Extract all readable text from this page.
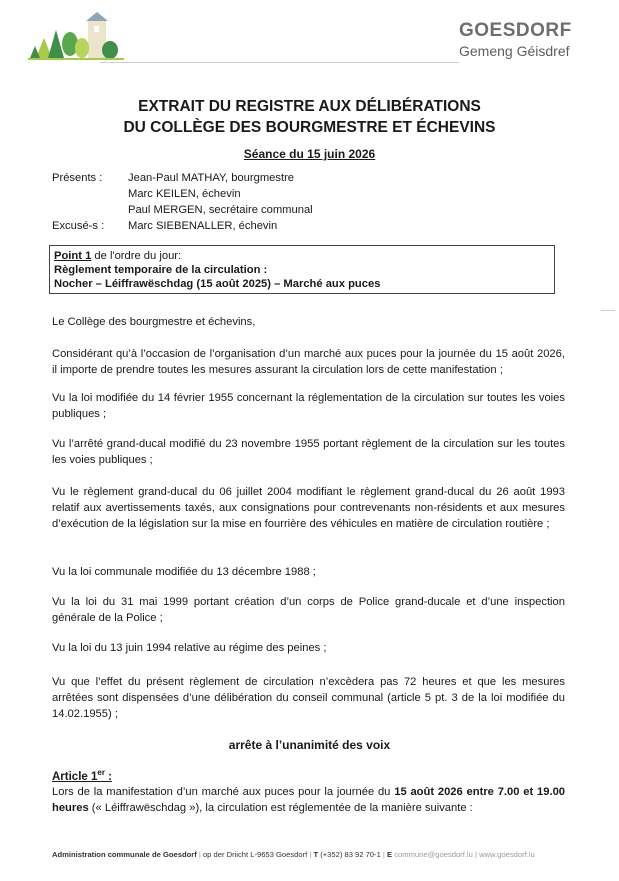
GOESDORF
Gemeng Géisdref
EXTRAIT DU REGISTRE AUX DÉLIBÉRATIONS
DU COLLÈGE DES BOURGMESTRE ET ÉCHEVINS
Séance du 15 juin 2026
Présents :	Jean-Paul MATHAY, bourgmestre
Marc KEILEN, échevin
Paul MERGEN, secrétaire communal
Excusé-s :	Marc SIEBENALLER, échevin
Point 1 de l'ordre du jour:
Règlement temporaire de la circulation :
Nocher – Léiffrawëschdag (15 août 2025) – Marché aux puces
Le Collège des bourgmestre et échevins,
Considérant qu’à l’occasion de l’organisation d’un marché aux puces pour la journée du 15 août 2026, il importe de prendre toutes les mesures assurant la circulation lors de cette manifestation ;
Vu la loi modifiée du 14 février 1955 concernant la réglementation de la circulation sur toutes les voies publiques ;
Vu l’arrêté grand-ducal modifié du 23 novembre 1955 portant règlement de la circulation sur les toutes les voies publiques ;
Vu le règlement grand-ducal du 06 juillet 2004 modifiant le règlement grand-ducal du 26 août 1993 relatif aux avertissements taxés, aux consignations pour contrevenants non-résidents et aux mesures d’exécution de la législation sur la mise en fourrière des véhicules en matière de circulation routière ;
Vu la loi communale modifiée du 13 décembre 1988 ;
Vu la loi du 31 mai 1999 portant création d’un corps de Police grand-ducale et d’une inspection générale de la Police ;
Vu la loi du 13 juin 1994 relative au régime des peines ;
Vu que l’effet du présent règlement de circulation n’excèdera pas 72 heures et que les mesures arrêtées sont dispensées d’une délibération du conseil communal (article 5 pt. 3 de la loi modifiée du 14.02.1955) ;
arrête à l’unanimité des voix
Article 1er :
Lors de la manifestation d’un marché aux puces pour la journée du 15 août 2026 entre 7.00 et 19.00 heures (« Léiffrawëschdag »), la circulation est réglementée de la manière suivante :
Administration communale de Goesdorf | op der Driicht L-9653 Goesdorf | T (+352) 83 92 70-1 | E commune@goesdorf.lu | www.goesdorf.lu
